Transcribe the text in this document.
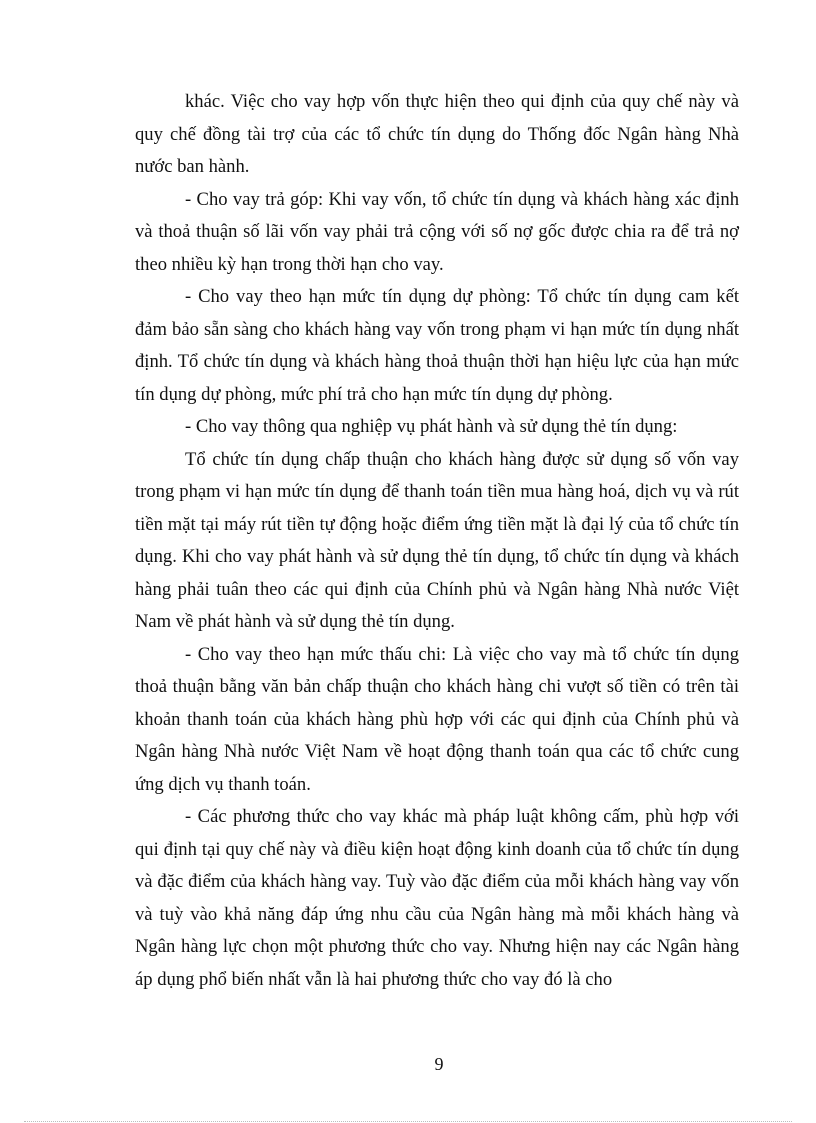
khác. Việc cho vay hợp vốn thực hiện theo qui định của quy chế này và quy chế đồng tài trợ của các tổ chức tín dụng do Thống đốc Ngân hàng Nhà nước ban hành.

- Cho vay trả góp: Khi vay vốn, tổ chức tín dụng và khách hàng xác định và thoả thuận số lãi vốn vay phải trả cộng với số nợ gốc được chia ra để trả nợ theo nhiều kỳ hạn trong thời hạn cho vay.

- Cho vay theo hạn mức tín dụng dự phòng: Tổ chức tín dụng cam kết đảm bảo sẵn sàng cho khách hàng vay vốn trong phạm vi hạn mức tín dụng nhất định. Tổ chức tín dụng và khách hàng thoả thuận thời hạn hiệu lực của hạn mức tín dụng dự phòng, mức phí trả cho hạn mức tín dụng dự phòng.

- Cho vay thông qua nghiệp vụ phát hành và sử dụng thẻ tín dụng:

Tổ chức tín dụng chấp thuận cho khách hàng được sử dụng số vốn vay trong phạm vi hạn mức tín dụng để thanh toán tiền mua hàng hoá, dịch vụ và rút tiền mặt tại máy rút tiền tự động hoặc điểm ứng tiền mặt là đại lý của tổ chức tín dụng. Khi cho vay phát hành và sử dụng thẻ tín dụng, tổ chức tín dụng và khách hàng phải tuân theo các qui định của Chính phủ và Ngân hàng Nhà nước Việt Nam về phát hành và sử dụng thẻ tín dụng.

- Cho vay theo hạn mức thấu chi: Là việc cho vay mà tổ chức tín dụng thoả thuận bằng văn bản chấp thuận cho khách hàng chi vượt số tiền có trên tài khoản thanh toán của khách hàng phù hợp với các qui định của Chính phủ và Ngân hàng Nhà nước Việt Nam về hoạt động thanh toán qua các tổ chức cung ứng dịch vụ thanh toán.

- Các phương thức cho vay khác mà pháp luật không cấm, phù hợp với qui định tại quy chế này và điều kiện hoạt động kinh doanh của tổ chức tín dụng và đặc điểm của khách hàng vay. Tuỳ vào đặc điểm của mỗi khách hàng vay vốn và tuỳ vào khả năng đáp ứng nhu cầu của Ngân hàng mà mỗi khách hàng và Ngân hàng lực chọn một phương thức cho vay. Nhưng hiện nay các Ngân hàng áp dụng phổ biến nhất vẫn là hai phương thức cho vay đó là cho

9
